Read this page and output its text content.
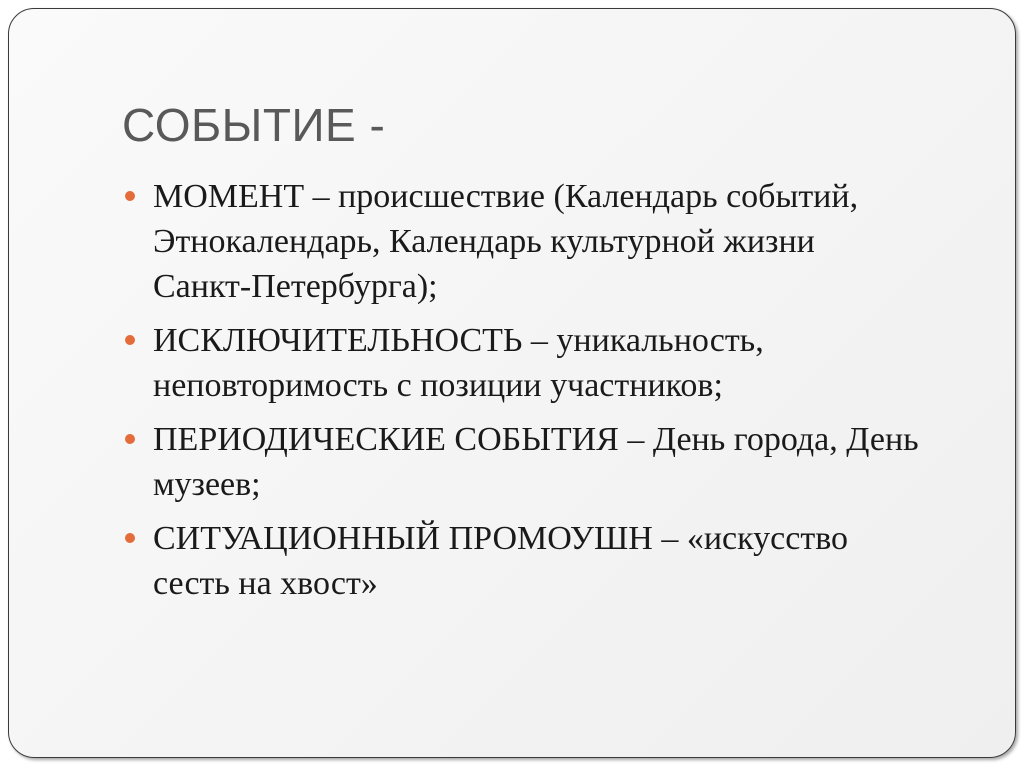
СОБЫТИЕ -
МОМЕНТ – происшествие (Календарь событий,
Этнокалендарь, Календарь культурной жизни
Санкт-Петербурга);
ИСКЛЮЧИТЕЛЬНОСТЬ – уникальность,
неповторимость с позиции участников;
ПЕРИОДИЧЕСКИЕ СОБЫТИЯ – День города, День
музеев;
СИТУАЦИОННЫЙ ПРОМОУШН – «искусство
сесть на хвост»
